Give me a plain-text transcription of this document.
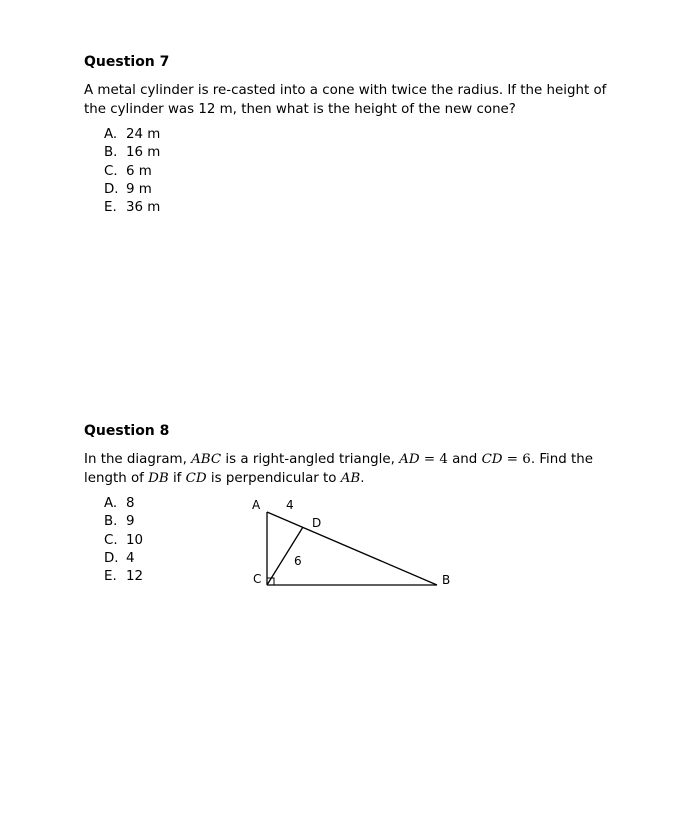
Question 7

A metal cylinder is re-casted into a cone with twice the radius. If the height of the cylinder was 12 m, then what is the height of the new cone?

A. 24 m
B. 16 m
C. 6 m
D. 9 m
E. 36 m
Question 8

In the diagram, ABC is a right-angled triangle, AD = 4 and CD = 6. Find the length of DB if CD is perpendicular to AB.

A. 8
B. 9
C. 10
D. 4
E. 12
A 4
D
6
C	B
